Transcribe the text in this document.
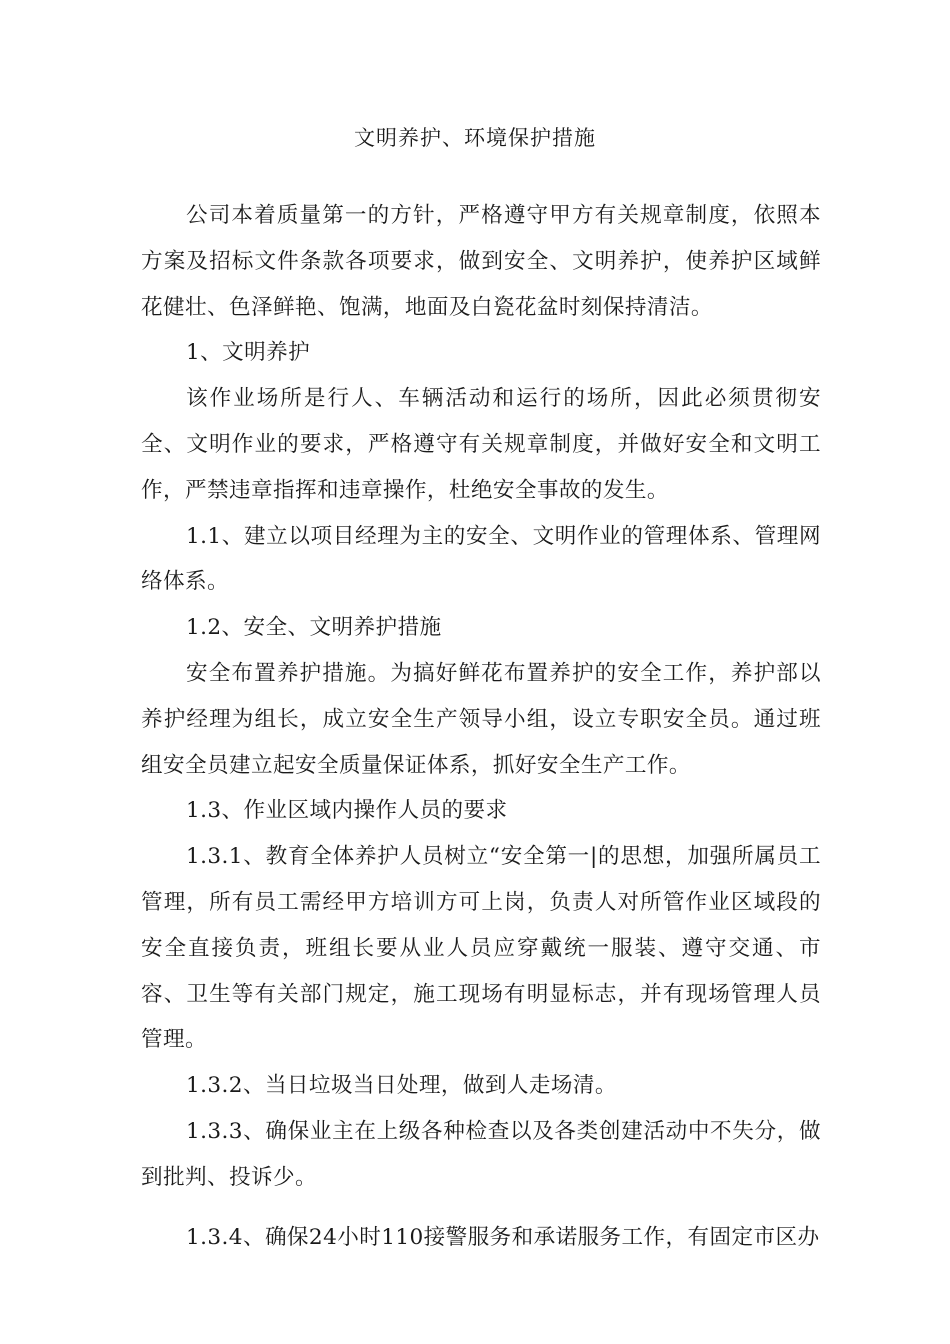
文明养护、环境保护措施

公司本着质量第一的方针，严格遵守甲方有关规章制度，依照本方案及招标文件条款各项要求，做到安全、文明养护，使养护区域鲜花健壮、色泽鲜艳、饱满，地面及白瓷花盆时刻保持清洁。

1、文明养护

该作业场所是行人、车辆活动和运行的场所，因此必须贯彻安全、文明作业的要求，严格遵守有关规章制度，并做好安全和文明工作，严禁违章指挥和违章操作，杜绝安全事故的发生。

1.1、建立以项目经理为主的安全、文明作业的管理体系、管理网络体系。

1.2、安全、文明养护措施

安全布置养护措施。为搞好鲜花布置养护的安全工作，养护部以养护经理为组长，成立安全生产领导小组，设立专职安全员。通过班组安全员建立起安全质量保证体系，抓好安全生产工作。

1.3、作业区域内操作人员的要求

1.3.1、教育全体养护人员树立“安全第一|的思想，加强所属员工管理，所有员工需经甲方培训方可上岗，负责人对所管作业区域段的安全直接负责，班组长要从业人员应穿戴统一服装、遵守交通、市容、卫生等有关部门规定，施工现场有明显标志，并有现场管理人员管理。

1.3.2、当日垃圾当日处理，做到人走场清。

1.3.3、确保业主在上级各种检查以及各类创建活动中不失分，做到批判、投诉少。

1.3.4、确保24小时110接警服务和承诺服务工作，有固定市区办
